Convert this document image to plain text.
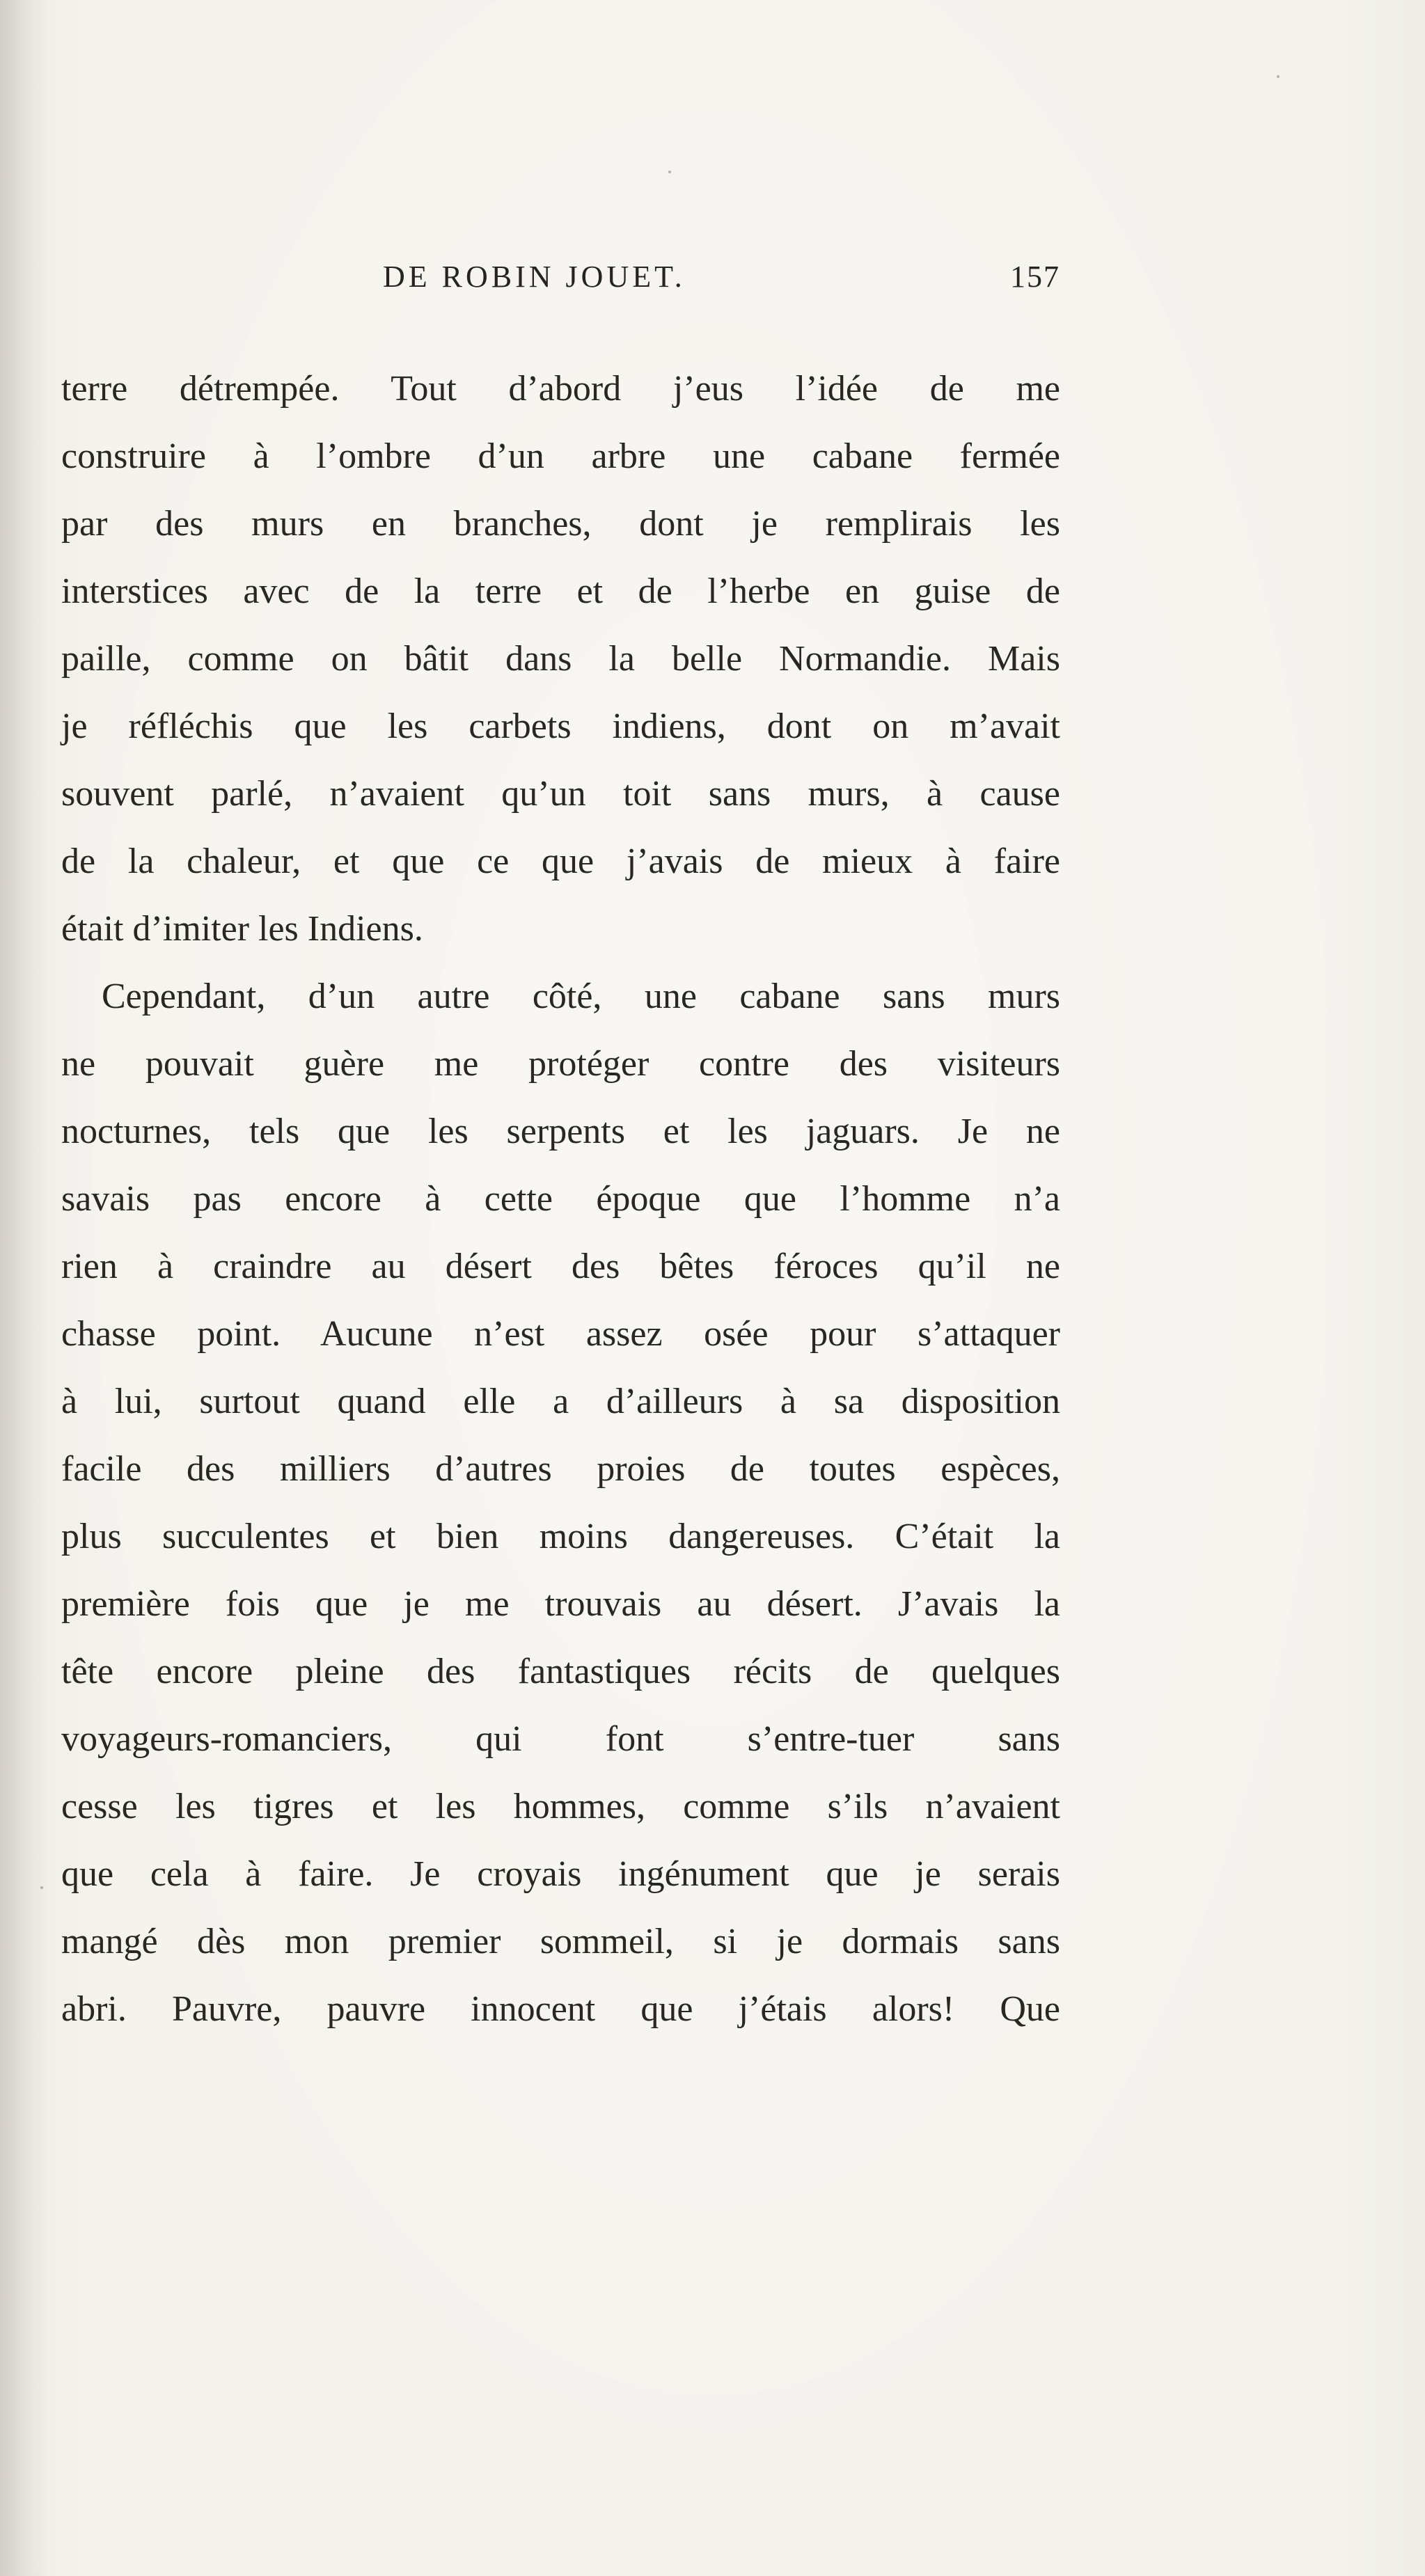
DE ROBIN JOUET.	157
terre détrempée. Tout d’abord j’eus l’idée de me
construire à l’ombre d’un arbre une cabane fermée
par des murs en branches, dont je remplirais les
interstices avec de la terre et de l’herbe en guise de
paille, comme on bâtit dans la belle Normandie. Mais
je réfléchis que les carbets indiens, dont on m’avait
souvent parlé, n’avaient qu’un toit sans murs, à cause
de la chaleur, et que ce que j’avais de mieux à faire
était d’imiter les Indiens.
Cependant, d’un autre côté, une cabane sans murs
ne pouvait guère me protéger contre des visiteurs
nocturnes, tels que les serpents et les jaguars. Je ne
savais pas encore à cette époque que l’homme n’a
rien à craindre au désert des bêtes féroces qu’il ne
chasse point. Aucune n’est assez osée pour s’attaquer
à lui, surtout quand elle a d’ailleurs à sa disposition
facile des milliers d’autres proies de toutes espèces,
plus succulentes et bien moins dangereuses. C’était la
première fois que je me trouvais au désert. J’avais la
tête encore pleine des fantastiques récits de quelques
voyageurs-romanciers, qui font s’entre-tuer sans
cesse les tigres et les hommes, comme s’ils n’avaient
que cela à faire. Je croyais ingénument que je serais
mangé dès mon premier sommeil, si je dormais sans
abri. Pauvre, pauvre innocent que j’étais alors! Que
